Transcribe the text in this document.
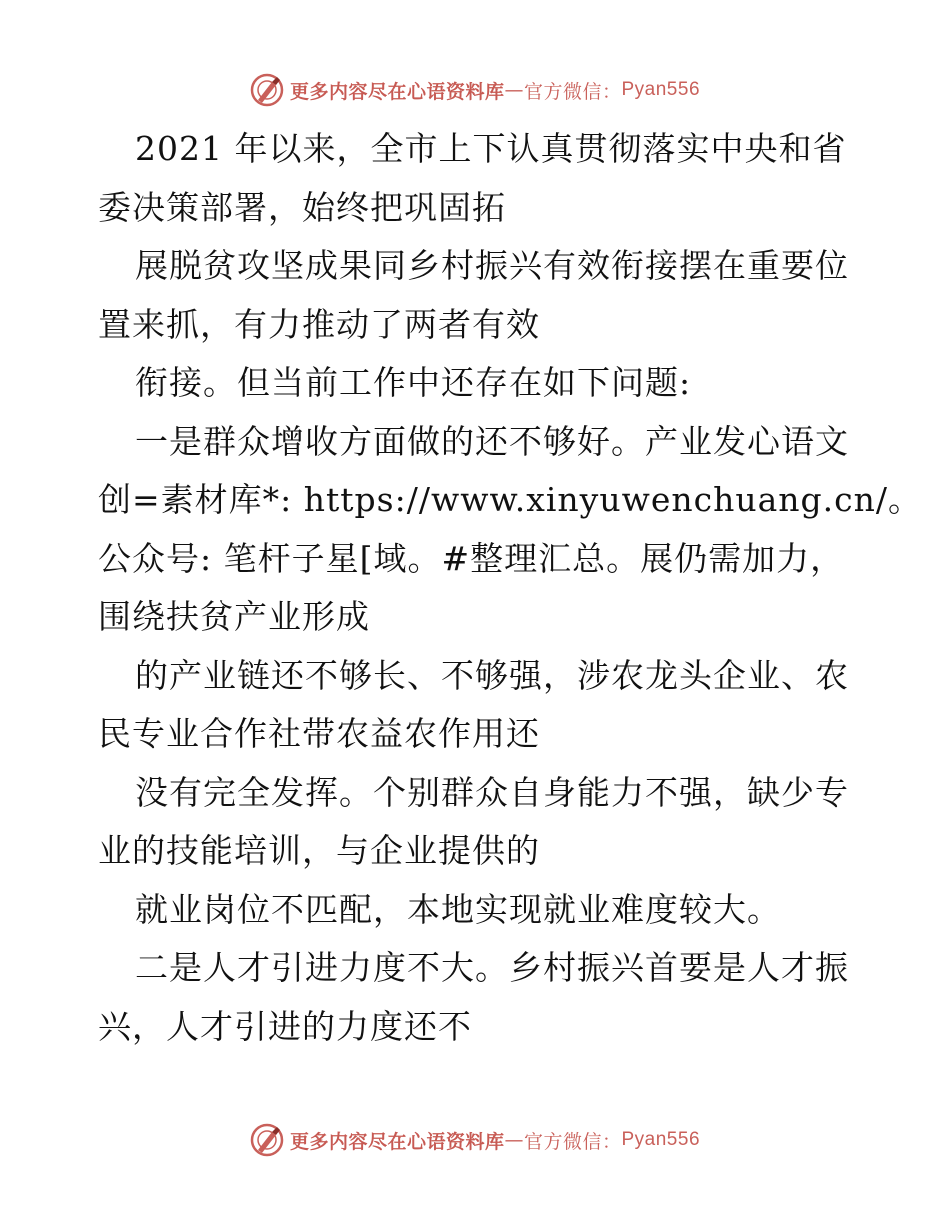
更多内容尽在心语资料库 — 官方微信： Pyan556
2021 年以来，全市上下认真贯彻落实中央和省
委决策部署，始终把巩固拓
展脱贫攻坚成果同乡村振兴有效衔接摆在重要位
置来抓，有力推动了两者有效
衔接。但当前工作中还存在如下问题:
一是群众增收方面做的还不够好。产业发心语文
创=素材库*: https://www.xinyuwenchuang.cn/。
公众号: 笔杆子星[域。#整理汇总。展仍需加力，
围绕扶贫产业形成
的产业链还不够长、不够强，涉农龙头企业、农
民专业合作社带农益农作用还
没有完全发挥。个别群众自身能力不强，缺少专
业的技能培训，与企业提供的
就业岗位不匹配，本地实现就业难度较大。
二是人才引进力度不大。乡村振兴首要是人才振
兴，人才引进的力度还不
更多内容尽在心语资料库 — 官方微信： Pyan556
